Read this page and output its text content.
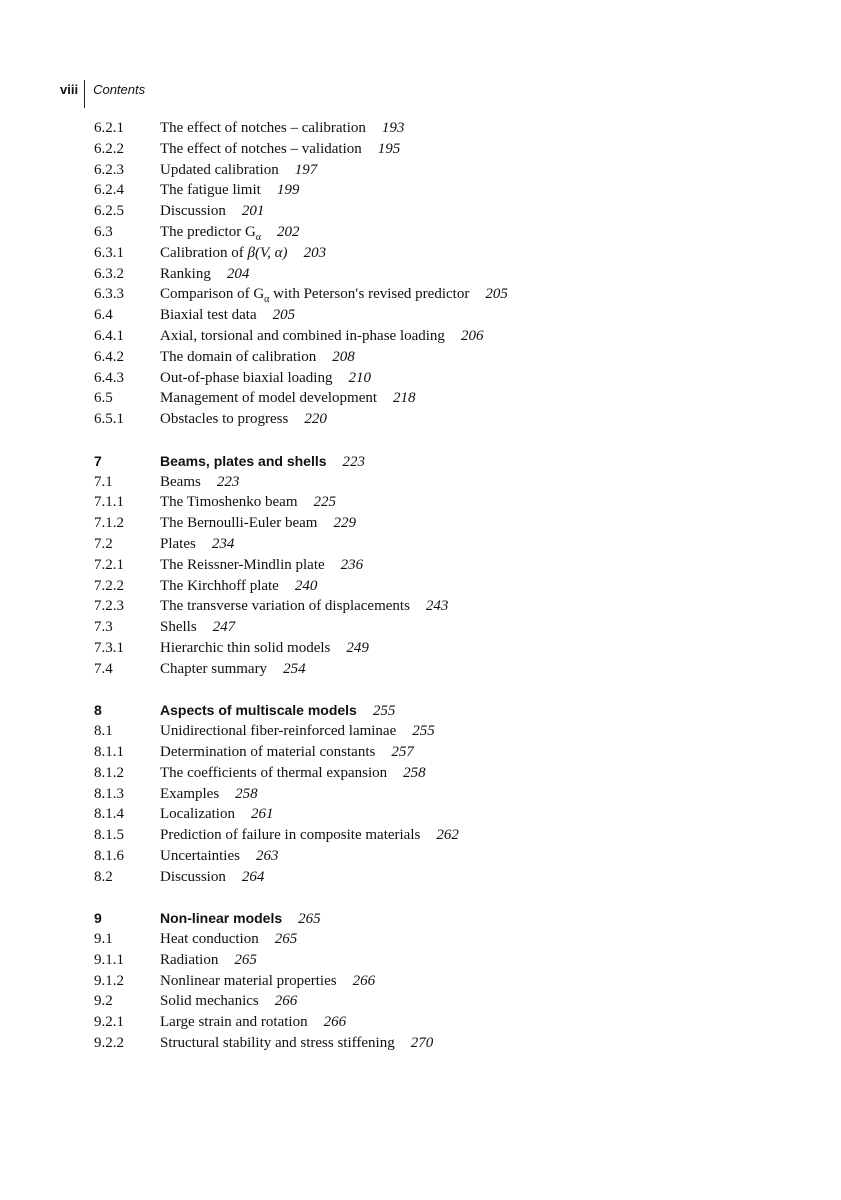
viii	Contents
6.2.1 The effect of notches – calibration 193
6.2.2 The effect of notches – validation 195
6.2.3 Updated calibration 197
6.2.4 The fatigue limit 199
6.2.5 Discussion 201
6.3	The predictor $G_\alpha$ 202
6.3.1 Calibration of β(V, α) 203
6.3.2 Ranking 204
6.3.3 Comparison of $G_\alpha$ with Peterson′s revised predictor 205
6.4	Biaxial test data 205
6.4.1 Axial, torsional and combined in-phase loading 206
6.4.2 The domain of calibration 208
6.4.3 Out-of-phase biaxial loading 210
6.5	Management of model development 218
6.5.1 Obstacles to progress 220
7	Beams, plates and shells 223
7.1	Beams 223
7.1.1 The Timoshenko beam 225
7.1.2 The Bernoulli-Euler beam 229
7.2	Plates 234
7.2.1 The Reissner-Mindlin plate 236
7.2.2 The Kirchhoff plate 240
7.2.3 The transverse variation of displacements 243
7.3	Shells 247
7.3.1 Hierarchic thin solid models 249
7.4	Chapter summary 254
8	Aspects of multiscale models 255
8.1	Unidirectional fiber-reinforced laminae 255
8.1.1 Determination of material constants 257
8.1.2 The coefficients of thermal expansion 258
8.1.3 Examples 258
8.1.4 Localization 261
8.1.5 Prediction of failure in composite materials 262
8.1.6 Uncertainties 263
8.2	Discussion 264
9	Non-linear models 265
9.1	Heat conduction 265
9.1.1 Radiation 265
9.1.2 Nonlinear material properties 266
9.2	Solid mechanics 266
9.2.1 Large strain and rotation 266
9.2.2 Structural stability and stress stiffening 270
